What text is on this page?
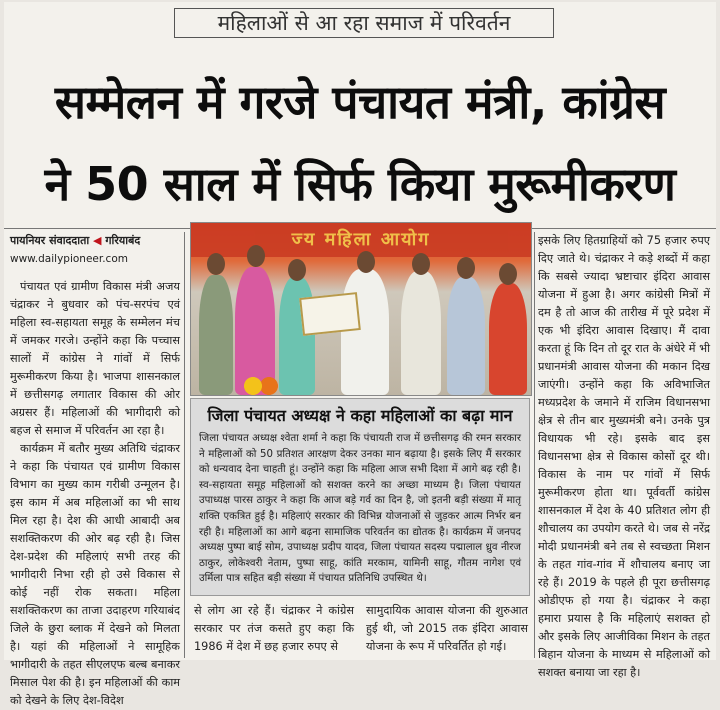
महिलाओं से आ रहा समाज में परिवर्तन
सम्मेलन में गरजे पंचायत मंत्री, कांग्रेस
ने 50 साल में सिर्फ किया मुरूमीकरण
पायनियर संवाददाता ◀ गरियाबंद
www.dailypioneer.com

पंचायत एवं ग्रामीण विकास मंत्री अजय चंद्राकर ने बुधवार को पंच-सरपंच एवं महिला स्व-सहायता समूह के सम्मेलन मंच में जमकर गरजे। उन्होंने कहा कि पच्चास सालों में कांग्रेस ने गांवों में सिर्फ मुरूमीकरण किया है। भाजपा शासनकाल में छत्तीसगढ़ लगातार विकास की ओर अग्रसर हैं। महिलाओं की भागीदारी को बहज से समाज में परिवर्तन आ रहा है।

कार्यक्रम में बतौर मुख्य अतिथि चंद्राकर ने कहा कि पंचायत एवं ग्रामीण विकास विभाग का मुख्य काम गरीबी उन्मूलन है। इस काम में अब महिलाओं का भी साथ मिल रहा है। देश की आधी आबादी अब सशक्तिकरण की ओर बढ़ रही है। जिस देश-प्रदेश की महिलाएं सभी तरह की भागीदारी निभा रही हो उसे विकास से कोई नहीं रोक सकता। महिला सशक्तिकरण का ताजा उदाहरण गरियाबंद जिले के छुरा ब्लाक में देखने को मिलता है। यहां की महिलाओं ने सामूहिक भागीदारी के तहत सीएलएफ बल्ब बनाकर मिसाल पेश की है। इन महिलाओं की काम को देखने के लिए देश-विदेश

ज्य महिला आयोग
जिला पंचायत अध्यक्ष ने कहा महिलाओं का बढ़ा मान
जिला पंचायत अध्यक्ष श्वेता शर्मा ने कहा कि पंचायती राज में छत्तीसगढ़ की रमन सरकार ने महिलाओं को 50 प्रतिशत आरक्षण देकर उनका मान बढ़ाया है। इसके लिए मैं सरकार को धन्यवाद देना चाहती हूं। उन्होंने कहा कि महिला आज सभी दिशा में आगे बढ़ रही है। स्व-सहायता समूह महिलाओं को सशक्त करने का अच्छा माध्यम है। जिला पंचायत उपाध्यक्ष पारस ठाकुर ने कहा कि आज बड़े गर्व का दिन है, जो इतनी बड़ी संख्या में मातृ शक्ति एकत्रित हुई है। महिलाएं सरकार की विभिन्न योजनाओं से जुड़कर आत्म निर्भर बन रही है। महिलाओं का आगे बढ़ना सामाजिक परिवर्तन का द्योतक है। कार्यक्रम में जनपद अध्यक्ष पुष्पा बाई सोम, उपाध्यक्ष प्रदीप यादव, जिला पंचायत सदस्य पद्मालाल ध्रुव नीरज ठाकुर, लोकेश्वरी नेताम, पुष्पा साहू, कांति मरकाम, यामिनी साहू, गौतम नागेश एवं उर्मिला पात्र सहित बड़ी संख्या में पंचायत प्रतिनिधि उपस्थित थे।
से लोग आ रहे हैं। चंद्राकर ने कांग्रेस सरकार पर तंज कसते हुए कहा कि 1986 में देश में छह हजार रुपए से
सामुदायिक आवास योजना की शुरुआत हुई थी, जो 2015 तक इंदिरा आवास योजना के रूप में परिवर्तित हो गई।
इसके लिए हितग्राहियों को 75 हजार रुपए दिए जाते थे। चंद्राकर ने कड़े शब्दों में कहा कि सबसे ज्यादा भ्रष्टाचार इंदिरा आवास योजना में हुआ है। अगर कांग्रेसी मित्रों में दम है तो आज की तारीख में पूरे प्रदेश में एक भी इंदिरा आवास दिखाए। मैं दावा करता हूं कि दिन तो दूर रात के अंधेरे में भी प्रधानमंत्री आवास योजना की मकान दिख जाएंगी। उन्होंने कहा कि अविभाजित मध्यप्रदेश के जमाने में राजिम विधानसभा क्षेत्र से तीन बार मुख्यमंत्री बने। उनके पुत्र विधायक भी रहे। इसके बाद इस विधानसभा क्षेत्र से विकास कोसों दूर थी। विकास के नाम पर गांवों में सिर्फ मुरूमीकरण होता था। पूर्ववर्ती कांग्रेस शासनकाल में देश के 40 प्रतिशत लोग ही शौचालय का उपयोग करते थे। जब से नरेंद्र मोदी प्रधानमंत्री बने तब से स्वच्छता मिशन के तहत गांव-गांव में शौचालय बनाए जा रहे हैं। 2019 के पहले ही पूरा छत्तीसगढ़ ओडीएफ हो गया है। चंद्राकर ने कहा हमारा प्रयास है कि महिलाएं सशक्त हो और इसके लिए आजीविका मिशन के तहत बिहान योजना के माध्यम से महिलाओं को सशक्त बनाया जा रहा है।
